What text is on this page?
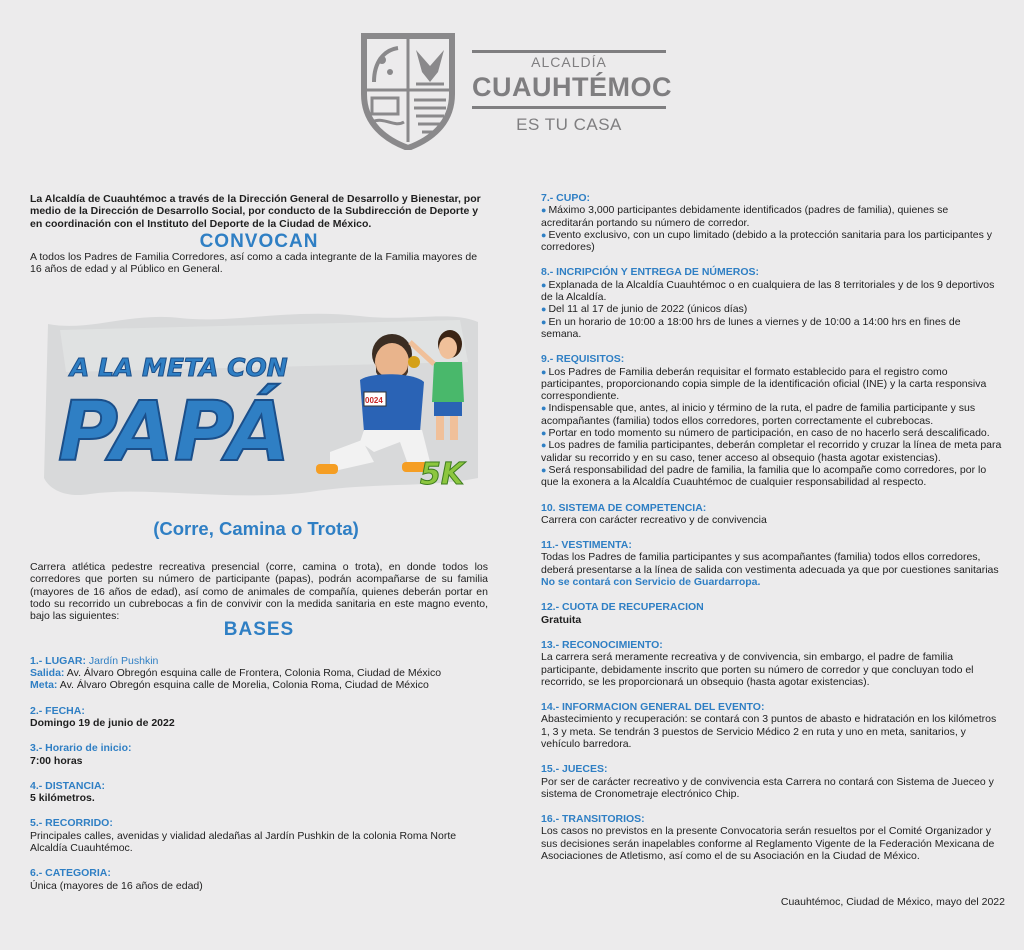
ALCALDÍA
CUAUHTÉMOC
ES TU CASA

La Alcaldía de Cuauhtémoc a través de la Dirección General de Desarrollo y Bienestar, por medio de la Dirección de Desarrollo Social, por conducto de la Subdirección de Deporte y en coordinación con el Instituto del Deporte de la Ciudad de México.

CONVOCAN

A todos los Padres de Familia Corredores, así como a cada integrante de la Familia mayores de 16 años de edad y al Público en General.

0024
A LA META CON
PAPÁ	5K
(Corre, Camina o Trota)

Carrera atlética pedestre recreativa presencial (corre, camina o trota), en donde todos los corredores que porten su número de participante (papas), podrán acompañarse de su familia (mayores de 16 años de edad), así como de animales de compañía, quienes deberán portar en todo su recorrido un cubrebocas a fin de convivir con la medida sanitaria en este magno evento, bajo las siguientes:

BASES

1.- LUGAR: Jardín Pushkin

Salida: Av. Álvaro Obregón esquina calle de Frontera, Colonia Roma, Ciudad de México

Meta: Av. Álvaro Obregón esquina calle de Morelia, Colonia Roma, Ciudad de México

2.- FECHA:

Domingo 19 de junio de 2022

3.- Horario de inicio:

7:00 horas

4.- DISTANCIA:

5 kilómetros.

5.- RECORRIDO:

Principales calles, avenidas y vialidad aledañas al Jardín Pushkin de la colonia Roma Norte Alcaldía Cuauhtémoc.

6.- CATEGORIA:

Única (mayores de 16 años de edad)

7.- CUPO:

● Máximo 3,000 participantes debidamente identificados (padres de familia), quienes se acreditarán portando su número de corredor.

● Evento exclusivo, con un cupo limitado (debido a la protección sanitaria para los participantes y corredores)

8.- INCRIPCIÓN Y ENTREGA DE NÚMEROS:

● Explanada de la Alcaldía Cuauhtémoc o en cualquiera de las 8 territoriales y de los 9 deportivos de la Alcaldía.

● Del 11 al 17 de junio de 2022 (únicos días)

● En un horario de 10:00 a 18:00 hrs de lunes a viernes y de 10:00 a 14:00 hrs en fines de semana.

9.- REQUISITOS:

● Los Padres de Familia deberán requisitar el formato establecido para el registro como participantes, proporcionando copia simple de la identificación oficial (INE) y la carta responsiva correspondiente.

● Indispensable que, antes, al inicio y término de la ruta, el padre de familia participante y sus acompañantes (familia) todos ellos corredores, porten correctamente el cubrebocas.

● Portar en todo momento su número de participación, en caso de no hacerlo será descalificado.

● Los padres de familia participantes, deberán completar el recorrido y cruzar la línea de meta para validar su recorrido y en su caso, tener acceso al obsequio (hasta agotar existencias).

● Será responsabilidad del padre de familia, la familia que lo acompañe como corredores, por lo que la exonera a la Alcaldía Cuauhtémoc de cualquier responsabilidad al respecto.

10. SISTEMA DE COMPETENCIA:

Carrera con carácter recreativo y de convivencia

11.- VESTIMENTA:

Todas los Padres de familia participantes y sus acompañantes (familia) todos ellos corredores, deberá presentarse a la línea de salida con vestimenta adecuada ya que por cuestiones sanitarias No se contará con Servicio de Guardarropa.

12.- CUOTA DE RECUPERACION

Gratuita

13.- RECONOCIMIENTO:

La carrera será meramente recreativa y de convivencia, sin embargo, el padre de familia participante, debidamente inscrito que porten su número de corredor y que concluyan todo el recorrido, se les proporcionará un obsequio (hasta agotar existencias).

14.- INFORMACION GENERAL DEL EVENTO:

Abastecimiento y recuperación: se contará con 3 puntos de abasto e hidratación en los kilómetros 1, 3 y meta. Se tendrán 3 puestos de Servicio Médico 2 en ruta y uno en meta, sanitarios, y vehículo barredora.

15.- JUECES:

Por ser de carácter recreativo y de convivencia esta Carrera no contará con Sistema de Jueceo y sistema de Cronometraje electrónico Chip.

16.- TRANSITORIOS:

Los casos no previstos en la presente Convocatoria serán resueltos por el Comité Organizador y sus decisiones serán inapelables conforme al Reglamento Vigente de la Federación Mexicana de Asociaciones de Atletismo, así como el de su Asociación en la Ciudad de México.

Cuauhtémoc, Ciudad de México, mayo del 2022
